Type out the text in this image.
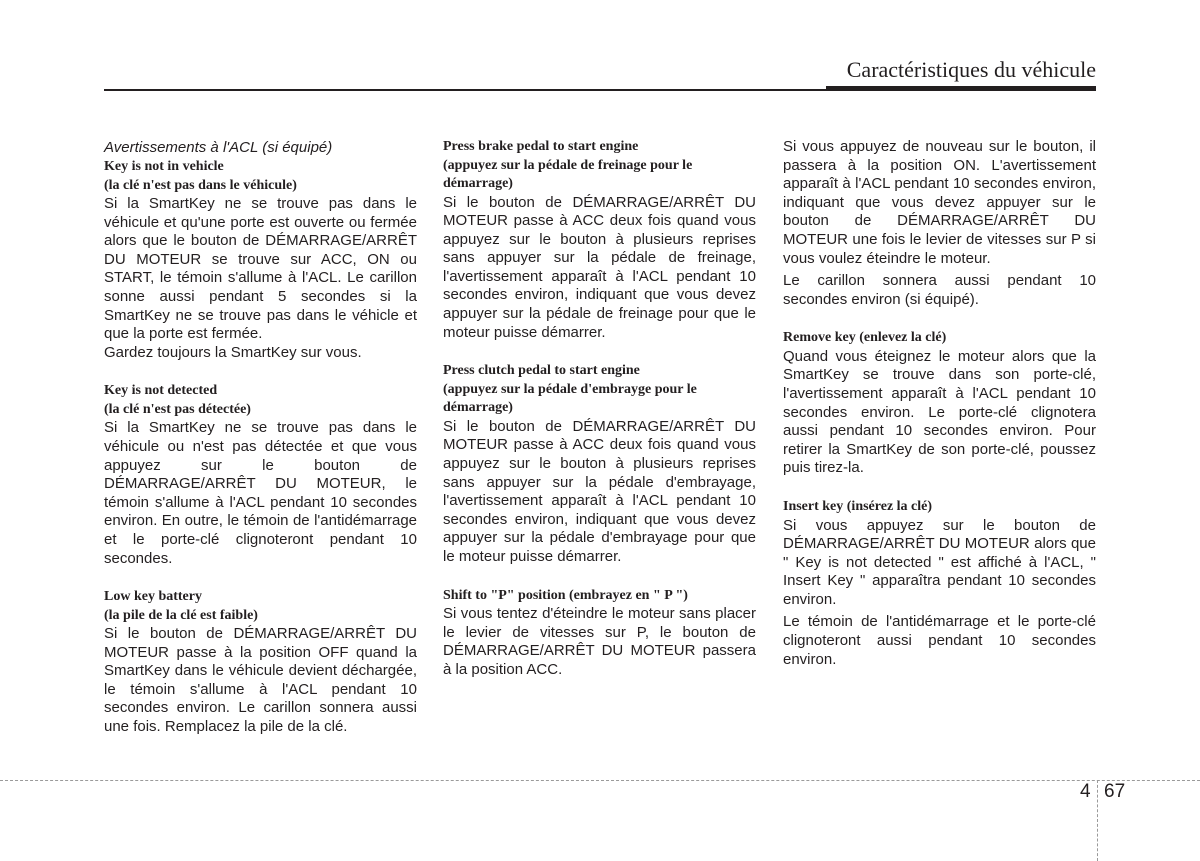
Caractéristiques du véhicule

Avertissements à l'ACL (si équipé)

Key is not in vehicle

(la clé n'est pas dans le véhicule)

Si la SmartKey ne se trouve pas dans le véhicule et qu'une porte est ouverte ou fermée alors que le bouton de DÉMARRAGE/ARRÊT DU MOTEUR se trouve sur ACC, ON ou START, le témoin s'allume à l'ACL. Le carillon sonne aussi pendant 5 secondes si la SmartKey ne se trouve pas dans le véhicle et que la porte est fermée.

Gardez toujours la SmartKey sur vous.

Key is not detected

(la clé n'est pas détectée)

Si la SmartKey ne se trouve pas dans le véhicule ou n'est pas détectée et que vous appuyez sur le bouton de DÉMARRAGE/ARRÊT DU MOTEUR, le témoin s'allume à l'ACL pendant 10 secondes environ. En outre, le témoin de l'antidémarrage et le porte-clé clignoteront pendant 10 secondes.

Low key battery

(la pile de la clé est faible)

Si le bouton de DÉMARRAGE/ARRÊT DU MOTEUR passe à la position OFF quand la SmartKey dans le véhicule devient déchargée, le témoin s'allume à l'ACL pendant 10 secondes environ. Le carillon sonnera aussi une fois. Remplacez la pile de la clé.

Press brake pedal to start engine

(appuyez sur la pédale de freinage pour le démarrage)

Si le bouton de DÉMARRAGE/ARRÊT DU MOTEUR passe à ACC deux fois quand vous appuyez sur le bouton à plusieurs reprises sans appuyer sur la pédale de freinage, l'avertissement apparaît à l'ACL pendant 10 secondes environ, indiquant que vous devez appuyer sur la pédale de freinage pour que le moteur puisse démarrer.

Press clutch pedal to start engine

(appuyez sur la pédale d'embrayge pour le démarrage)

Si le bouton de DÉMARRAGE/ARRÊT DU MOTEUR passe à ACC deux fois quand vous appuyez sur le bouton à plusieurs reprises sans appuyer sur la pédale d'embrayage, l'avertissement apparaît à l'ACL pendant 10 secondes environ, indiquant que vous devez appuyer sur la pédale d'embrayage pour que le moteur puisse démarrer.

Shift to "P" position (embrayez en " P ")

Si vous tentez d'éteindre le moteur sans placer le levier de vitesses sur P, le bouton de DÉMARRAGE/ARRÊT DU MOTEUR passera à la position ACC.

Si vous appuyez de nouveau sur le bouton, il passera à la position ON. L'avertissement apparaît à l'ACL pendant 10 secondes environ, indiquant que vous devez appuyer sur le bouton de DÉMARRAGE/ARRÊT DU MOTEUR une fois le levier de vitesses sur P si vous voulez éteindre le moteur.

Le carillon sonnera aussi pendant 10 secondes environ (si équipé).

Remove key (enlevez la clé)

Quand vous éteignez le moteur alors que la SmartKey se trouve dans son porte-clé, l'avertissement apparaît à l'ACL pendant 10 secondes environ. Le porte-clé clignotera aussi pendant 10 secondes environ. Pour retirer la SmartKey de son porte-clé, poussez puis tirez-la.

Insert key (insérez la clé)

Si vous appuyez sur le bouton de DÉMARRAGE/ARRÊT DU MOTEUR alors que " Key is not detected " est affiché à l'ACL, " Insert Key " apparaîtra pendant 10 secondes environ.

Le témoin de l'antidémarrage et le porte-clé clignoteront aussi pendant 10 secondes environ.

4 67
